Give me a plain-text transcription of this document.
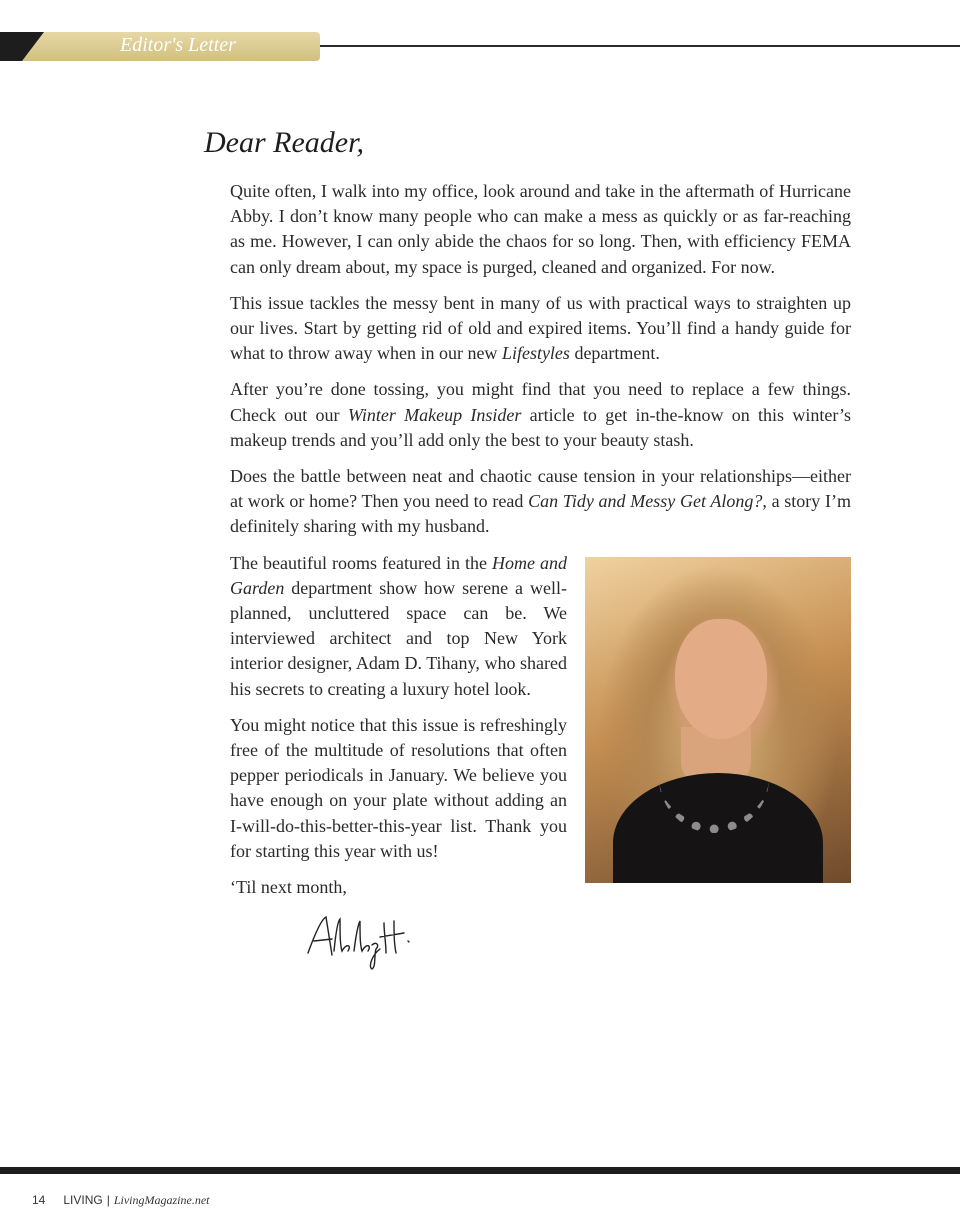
Editor's Letter
Dear Reader,

Quite often, I walk into my office, look around and take in the aftermath of Hurricane Abby. I don’t know many people who can make a mess as quickly or as far-reaching as me. However, I can only abide the chaos for so long. Then, with efficiency FEMA can only dream about, my space is purged, cleaned and organized. For now.

This issue tackles the messy bent in many of us with practical ways to straighten up our lives. Start by getting rid of old and expired items. You’ll find a handy guide for what to throw away when in our new Lifestyles department.

After you’re done tossing, you might find that you need to replace a few things. Check out our Winter Makeup Insider article to get in-the-know on this winter’s makeup trends and you’ll add only the best to your beauty stash.

Does the battle between neat and chaotic cause tension in your relationships—either at work or home? Then you need to read Can Tidy and Messy Get Along?, a story I’m definitely sharing with my husband.

The beautiful rooms featured in the Home and Garden department show how serene a well-planned, uncluttered space can be. We interviewed architect and top New York interior designer, Adam D. Tihany, who shared his secrets to creating a luxury hotel look.

You might notice that this issue is refreshingly free of the multitude of resolutions that often pepper periodicals in January. We believe you have enough on your plate without adding an I-will-do-this-better-this-year list. Thank you for starting this year with us!

‘Til next month,

14 LIVING | LivingMagazine.net
